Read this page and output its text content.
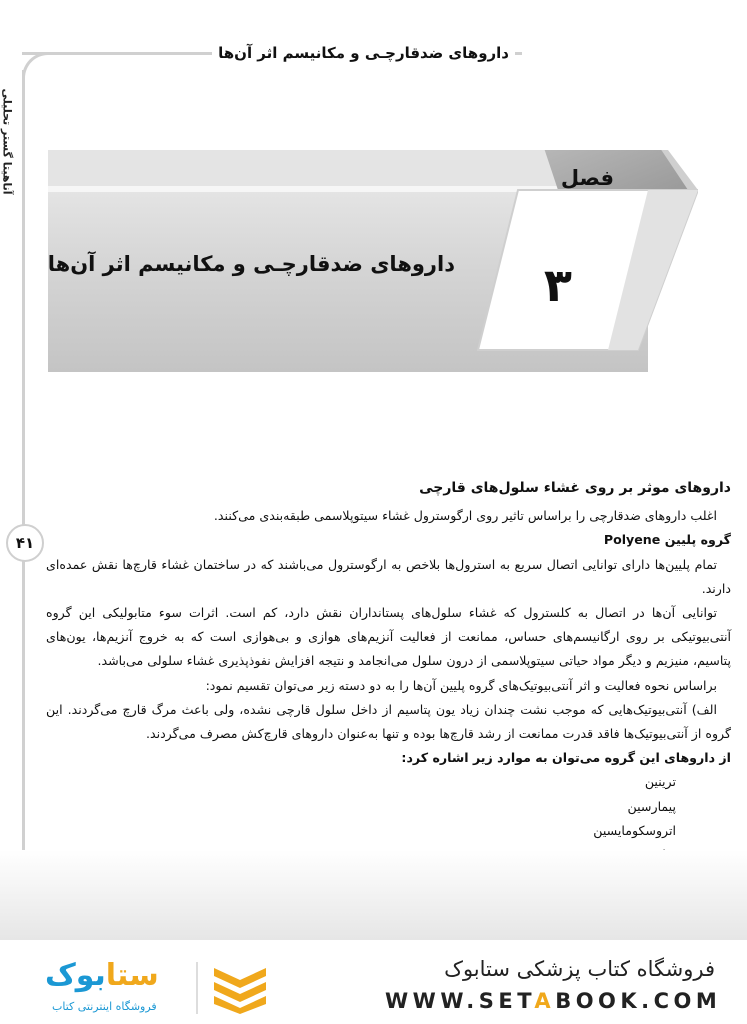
آناهیتا گستر تحلیلی
۴۱
داروهای ضدقارچـی و مکانیسم اثر آن‌ها
فصل
۳
داروهای ضدقارچـی و مکانیسم اثر آن‌ها

داروهای موثر بر روی غشاء سلول‌های قارچی

اغلب داروهای ضدقارچی را براساس تاثیر روی ارگوسترول غشاء سیتوپلاسمی طبقه‌بندی می‌کنند.

گروه پلیین Polyene

تمام پلیین‌ها دارای توانایی اتصال سریع به استرول‌ها بلاخص به ارگوسترول می‌باشند که در ساختمان غشاء قارچ‌ها نقش عمده‌ای دارند.

توانایی آن‌ها در اتصال به کلسترول که غشاء سلول‌های پستانداران نقش دارد، کم است. اثرات سوء متابولیکی این گروه آنتی‌بیوتیکی بر روی ارگانیسم‌های حساس، ممانعت از فعالیت آنزیم‌های هوازی و بی‌هوازی است که به خروج آنزیم‌ها، یون‌های پتاسیم، منیزیم و دیگر مواد حیاتی سیتوپلاسمی از درون سلول می‌انجامد و نتیجه افزایش نفوذپذیری غشاء سلولی می‌باشد.

براساس نحوه فعالیت و اثر آنتی‌بیوتیک‌های گروه پلیین آن‌ها را به دو دسته زیر می‌توان تقسیم نمود:

الف) آنتی‌بیوتیک‌هایی که موجب نشت چندان زیاد یون پتاسیم از داخل سلول قارچی نشده، ولی باعث مرگ قارچ می‌گردند. این گروه از آنتی‌بیوتیک‌ها فاقد قدرت ممانعت از رشد قارچ‌ها بوده و تنها به‌عنوان داروهای قارچ‌کش مصرف می‌گردند.

از داروهای این گروه می‌توان به موارد زیر اشاره کرد:

ترینین

پیمارسین

اتروسکومایسین

فروشگاه کتاب پزشکی ستابوک
WWW.SETABOOK.COM
ستابوک
فروشگاه اینترنتی کتاب
